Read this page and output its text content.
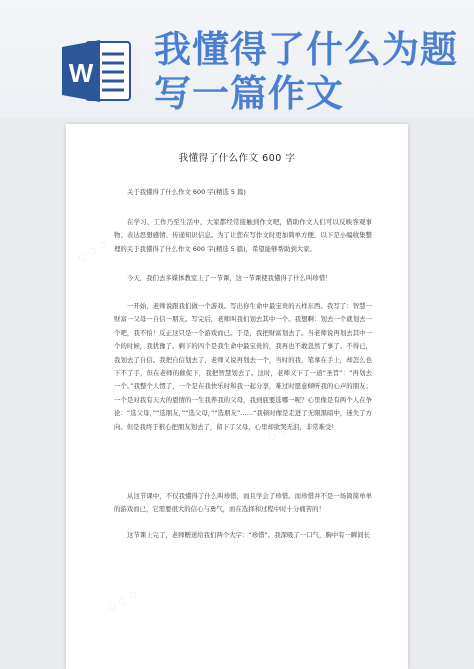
W
我懂得了什么为题
写一篇作文
◇ ◇ ◇
◇ ◇ ◇
◇ ◇ ◇
我懂得了什么作文 600 字

关于我懂得了什么作文 600 字(精选 5 篇)

在学习、工作乃至生活中，大家都经常接触到作文吧，借助作文人们可以反映客观事物、表达思想感情、传递知识信息。为了让您在写作文时更加简单方便，以下是小编收集整理的关于我懂得了什么作文 600 字(精选 5 篇)，希望能够帮助到大家。

今天，我们去多媒体教室上了一节课，这一节课使我懂得了什么叫珍惜！

一开始，老师说跟我们做一个游戏。写出你生命中最宝贵的五样东西。我写了：智慧一财富一父母一自信一朋友。写完后，老师叫我们划去其中一个。我想啊：划去一个就划去一个吧，我不怕！反正这只是一个游戏而已。于是，我把财富划去了。当老师说再划去其中一个的时候，我犹豫了。剩下的四个是我生命中最宝贵的，我再也不敢忽然了事了。不得已，我划去了自信。我把自信划去了，老师又说再划去一个，当时的我，笔拿在手上，却怎么也下不了手，但在老师的催促下，我把智慧划去了。这时，老师又下了一道“圣旨”：“再划去一个。”我整个人愣了，一个是在我快乐时和我一起分享，难过时愿意倾听我的心声的朋友；一个是对我有天大的恩情的一生我养我的父母，我到底要选哪一呢？心里像是有两个人在争论：“选父母，”“选朋友，”“选父母，”“选朋友”……“我顿时像是走进了无限黑暗中，迷失了方向。但是我终于狠心把朋友划去了，留下了父母，心里却欲哭无泪，非常难受！

从这节课中，不仅我懂得了什么叫珍惜，而且学会了珍惜。而珍惜并不是一场简简单单的游戏而已，它需要很大的信心与勇气，而在选择和过程中时十分痛苦的！

这节课上完了，老师赠送给我们两个大字：“珍惜”。我深吸了一口气，胸中有一瞬间长
